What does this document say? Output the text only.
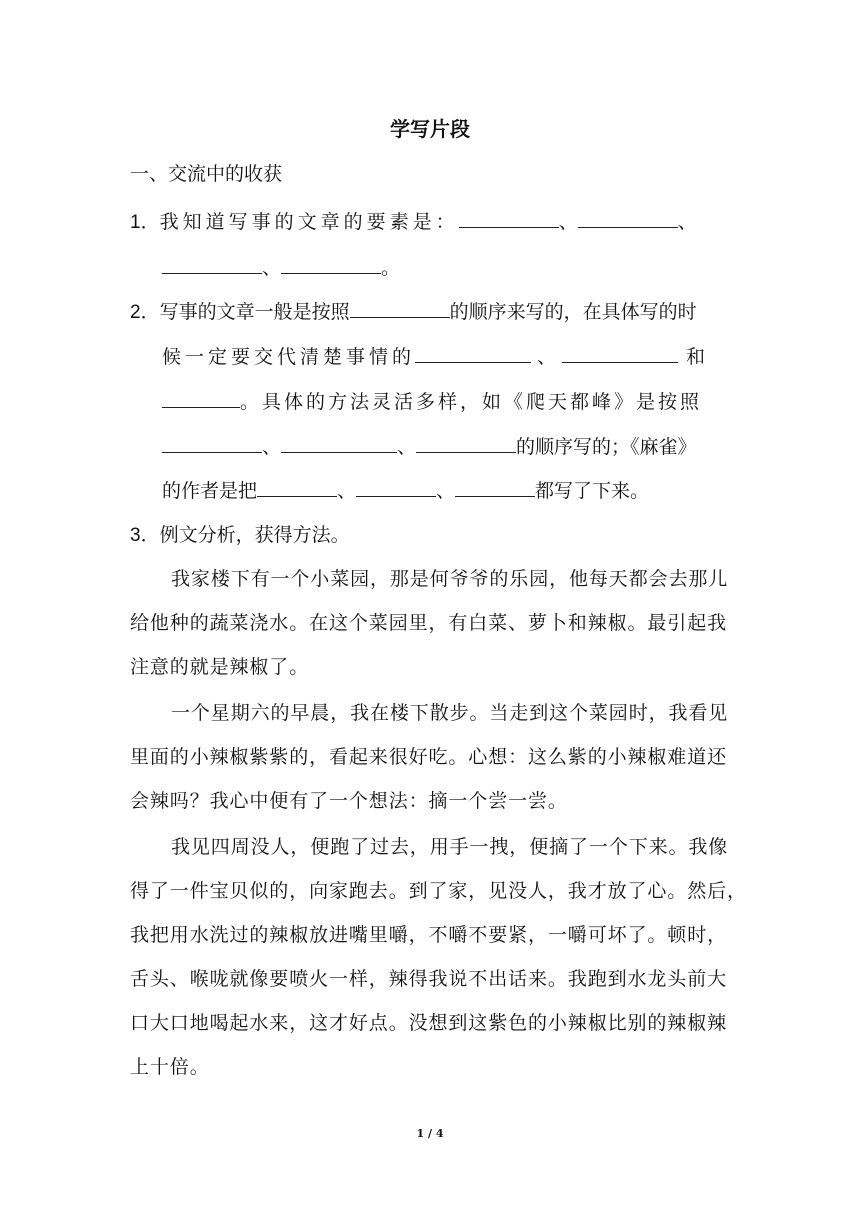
学写片段
一、交流中的收获
1．我知道写事的文章的要素是：	、	、
、	。
2．写事的文章一般是按照	的顺序来写的，在具体写的时
候一定要交代清楚事情的	、	和
。具体的方法灵活多样，如《爬天都峰》是按照
、	、	的顺序写的；《麻雀》
的作者是把	、	、	都写了下来。
3．例文分析，获得方法。
我家楼下有一个小菜园，那是何爷爷的乐园，他每天都会去那儿
给他种的蔬菜浇水。在这个菜园里，有白菜、萝卜和辣椒。最引起我
注意的就是辣椒了。
一个星期六的早晨，我在楼下散步。当走到这个菜园时，我看见
里面的小辣椒紫紫的，看起来很好吃。心想：这么紫的小辣椒难道还
会辣吗？我心中便有了一个想法：摘一个尝一尝。
我见四周没人，便跑了过去，用手一拽，便摘了一个下来。我像
得了一件宝贝似的，向家跑去。到了家，见没人，我才放了心。然后，
我把用水洗过的辣椒放进嘴里嚼，不嚼不要紧，一嚼可坏了。顿时，
舌头、喉咙就像要喷火一样，辣得我说不出话来。我跑到水龙头前大
口大口地喝起水来，这才好点。没想到这紫色的小辣椒比别的辣椒辣
上十倍。
1 / 4
